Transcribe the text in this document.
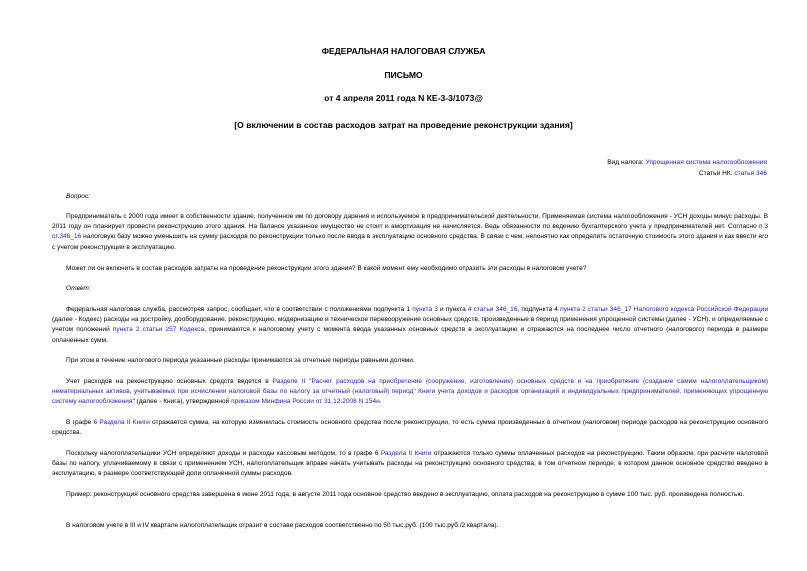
ФЕДЕРАЛЬНАЯ НАЛОГОВАЯ СЛУЖБА
ПИСЬМО
от 4 апреля 2011 года N КЕ-3-3/1073@
[О включении в состав расходов затрат на проведение реконструкции здания]
Вид налога: Упрощенная система налогообложения
Статьи НК: статья 346
Вопрос:
Предприниматель с 2000 года имеет в собственности здание, полученное им по договору дарения и используемое в предпринимательской деятельности. Применяемая система налогообложения - УСН доходы минус расходы. В 2011 году он планирует провести реконструкцию этого здания. На балансе указанное имущество не стоит и амортизация не начисляется. Ведь обязанности по ведению бухгалтерского учета у предпринимателей нет. Согласно п.3 ст.346_16 налоговую базу можно уменьшить на сумму расходов по реконструкции только после ввода в эксплуатацию основного средства. В связи с чем, непонятно как определить остаточную стоимость этого здания и как ввести его с учетом реконструкции в эксплуатацию.
Может ли он включить в состав расходов затраты на проведение реконструкции этого здания? В какой момент ему необходимо отразить эти расходы в налоговом учете?
Ответ:
Федеральная налоговая служба, рассмотрев запрос, сообщает, что в соответствии с положениями подпункта 1 пункта 3 и пункта 4 статьи 346_16, подпункта 4 пункта 2 статьи 346_17 Налогового кодекса Российской Федерации (далее - Кодекс) расходы на достройку, дооборудование, реконструкцию, модернизацию и техническое перевооружение основных средств, произведенные в период применения упрощенной системы (далее - УСН), и определяемые с учетом положений пункта 2 статьи 257 Кодекса, принимаются к налоговому учету с момента ввода указанных основных средств в эксплуатацию и отражаются на последнее число отчетного (налогового) периода в размере оплаченных сумм.
При этом в течение налогового периода указанные расходы принимаются за отчетные периоды равными долями.
Учет расходов на реконструкцию основных средств ведется в Разделе II "Расчет расходов на приобретение (сооружение, изготовление) основных средств и на приобретение (создание самим налогоплательщиком) нематериальных активов, учитываемых при исчислении налоговой базы по налогу за отчетный (налоговый) период" Книги учета доходов и расходов организаций и индивидуальных предпринимателей, применяющих упрощенную систему налогообложения" (далее - Книга), утвержденной приказом Минфина России от 31.12.2008 N 154н.
В графе 6 Раздела II Книги отражается сумма, на которую изменилась стоимость основного средства после реконструкции, то есть сумма произведенных в отчетном (налоговом) периоде расходов на реконструкцию основного средства.
Поскольку налогоплательщики УСН определяют доходы и расходы кассовым методом, то в графе 6 Раздела II Книги отражаются только суммы оплаченных расходов на реконструкцию. Таким образом, при расчете налоговой базы по налогу, уплачиваемому в связи с применением УСН, налогоплательщик вправе начать учитывать расходы на реконструкцию основного средства, в том отчетном периоде, в котором данное основное средство введено в эксплуатацию, в размере соответствующей доли оплаченной суммы расходов.
Пример: реконструкция основного средства завершена в июне 2011 года, в августе 2011 года основное средство введено в эксплуатацию, оплата расходов на реконструкцию в сумме 100 тыс. руб. произведена полностью.
В налоговом учете в III и IV квартале налогоплательщик отразит в составе расходов соответственно по 50 тыс.руб. (100 тыс.руб./2 квартала).
